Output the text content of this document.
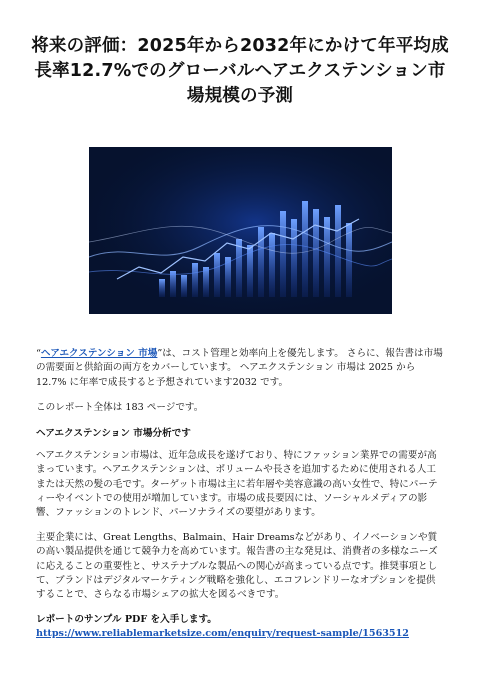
将来の評価：2025年から2032年にかけて年平均成長率12.7%でのグローバルヘアエクステンション市場規模の予測

“ヘアエクステンション 市場”は、コスト管理と効率向上を優先します。 さらに、報告書は市場の需要面と供給面の両方をカバーしています。 ヘアエクステンション 市場は 2025 から 12.7% に年率で成長すると予想されています2032 です。

このレポート全体は 183 ページです。

ヘアエクステンション 市場分析です

ヘアエクステンション市場は、近年急成長を遂げており、特にファッション業界での需要が高まっています。ヘアエクステンションは、ボリュームや長さを追加するために使用される人工または天然の髪の毛です。ターゲット市場は主に若年層や美容意識の高い女性で、特にパーティーやイベントでの使用が増加しています。市場の成長要因には、ソーシャルメディアの影響、ファッションのトレンド、パーソナライズの要望があります。

主要企業には、Great Lengths、Balmain、Hair Dreamsなどがあり、イノベーションや質の高い製品提供を通じて競争力を高めています。報告書の主な発見は、消費者の多様なニーズに応えることの重要性と、サステナブルな製品への関心が高まっている点です。推奨事項として、ブランドはデジタルマーケティング戦略を強化し、エコフレンドリーなオプションを提供することで、さらなる市場シェアの拡大を図るべきです。

レポートのサンプル PDF を入手します。  https://www.reliablemarketsize.com/enquiry/request-sample/1563512
